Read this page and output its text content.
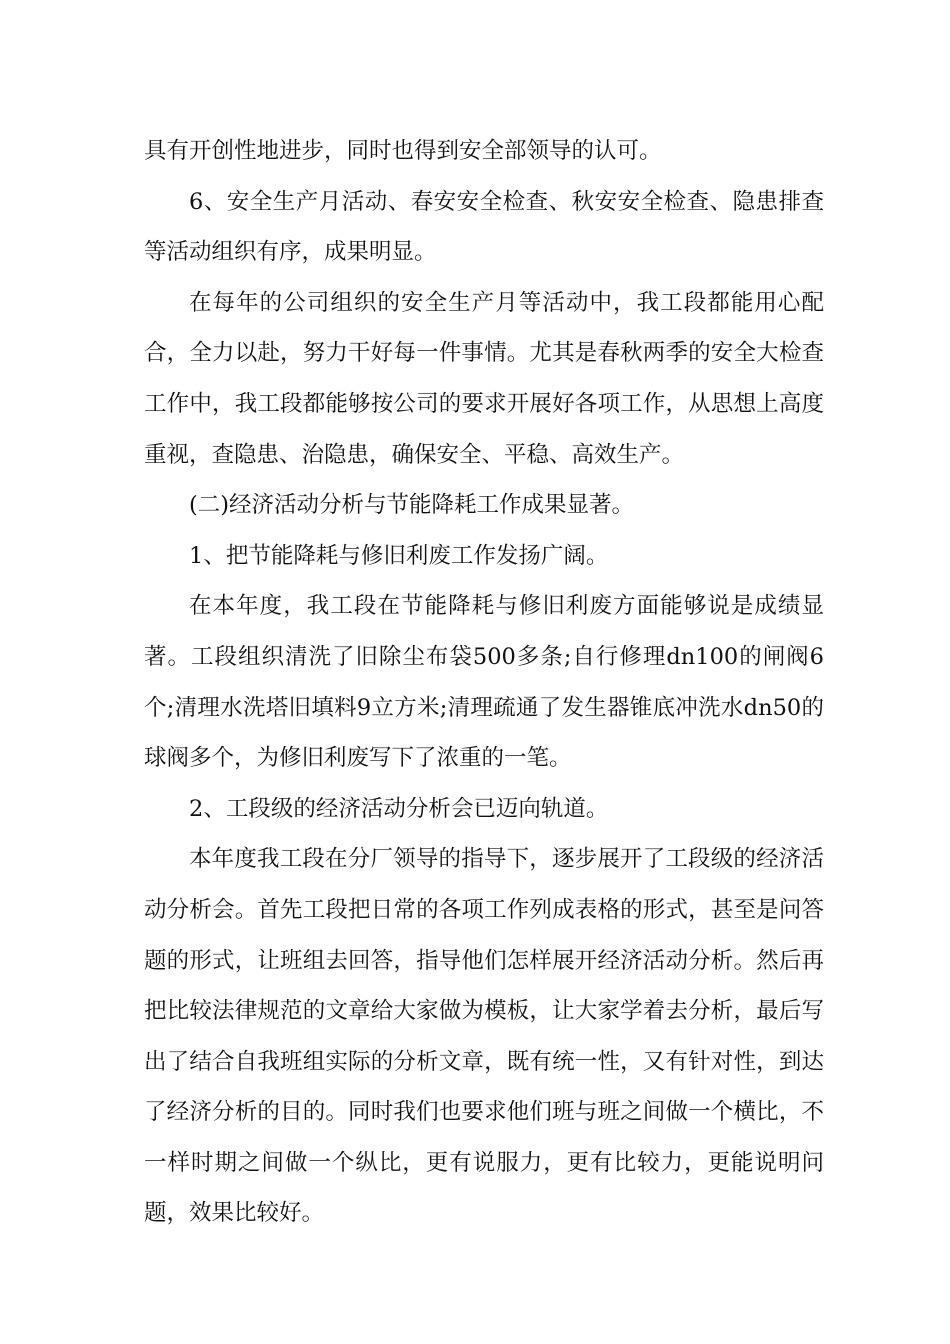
具有开创性地进步，同时也得到安全部领导的认可。

6、安全生产月活动、春安安全检查、秋安安全检查、隐患排查等活动组织有序，成果明显。

在每年的公司组织的安全生产月等活动中，我工段都能用心配合，全力以赴，努力干好每一件事情。尤其是春秋两季的安全大检查工作中，我工段都能够按公司的要求开展好各项工作，从思想上高度重视，查隐患、治隐患，确保安全、平稳、高效生产。

(二)经济活动分析与节能降耗工作成果显著。

1、把节能降耗与修旧利废工作发扬广阔。

在本年度，我工段在节能降耗与修旧利废方面能够说是成绩显著。工段组织清洗了旧除尘布袋500多条;自行修理dn100的闸阀6个;清理水洗塔旧填料9立方米;清理疏通了发生器锥底冲洗水dn50的球阀多个，为修旧利废写下了浓重的一笔。

2、工段级的经济活动分析会已迈向轨道。

本年度我工段在分厂领导的指导下，逐步展开了工段级的经济活动分析会。首先工段把日常的各项工作列成表格的形式，甚至是问答题的形式，让班组去回答，指导他们怎样展开经济活动分析。然后再把比较法律规范的文章给大家做为模板，让大家学着去分析，最后写出了结合自我班组实际的分析文章，既有统一性，又有针对性，到达了经济分析的目的。同时我们也要求他们班与班之间做一个横比，不一样时期之间做一个纵比，更有说服力，更有比较力，更能说明问题，效果比较好。
